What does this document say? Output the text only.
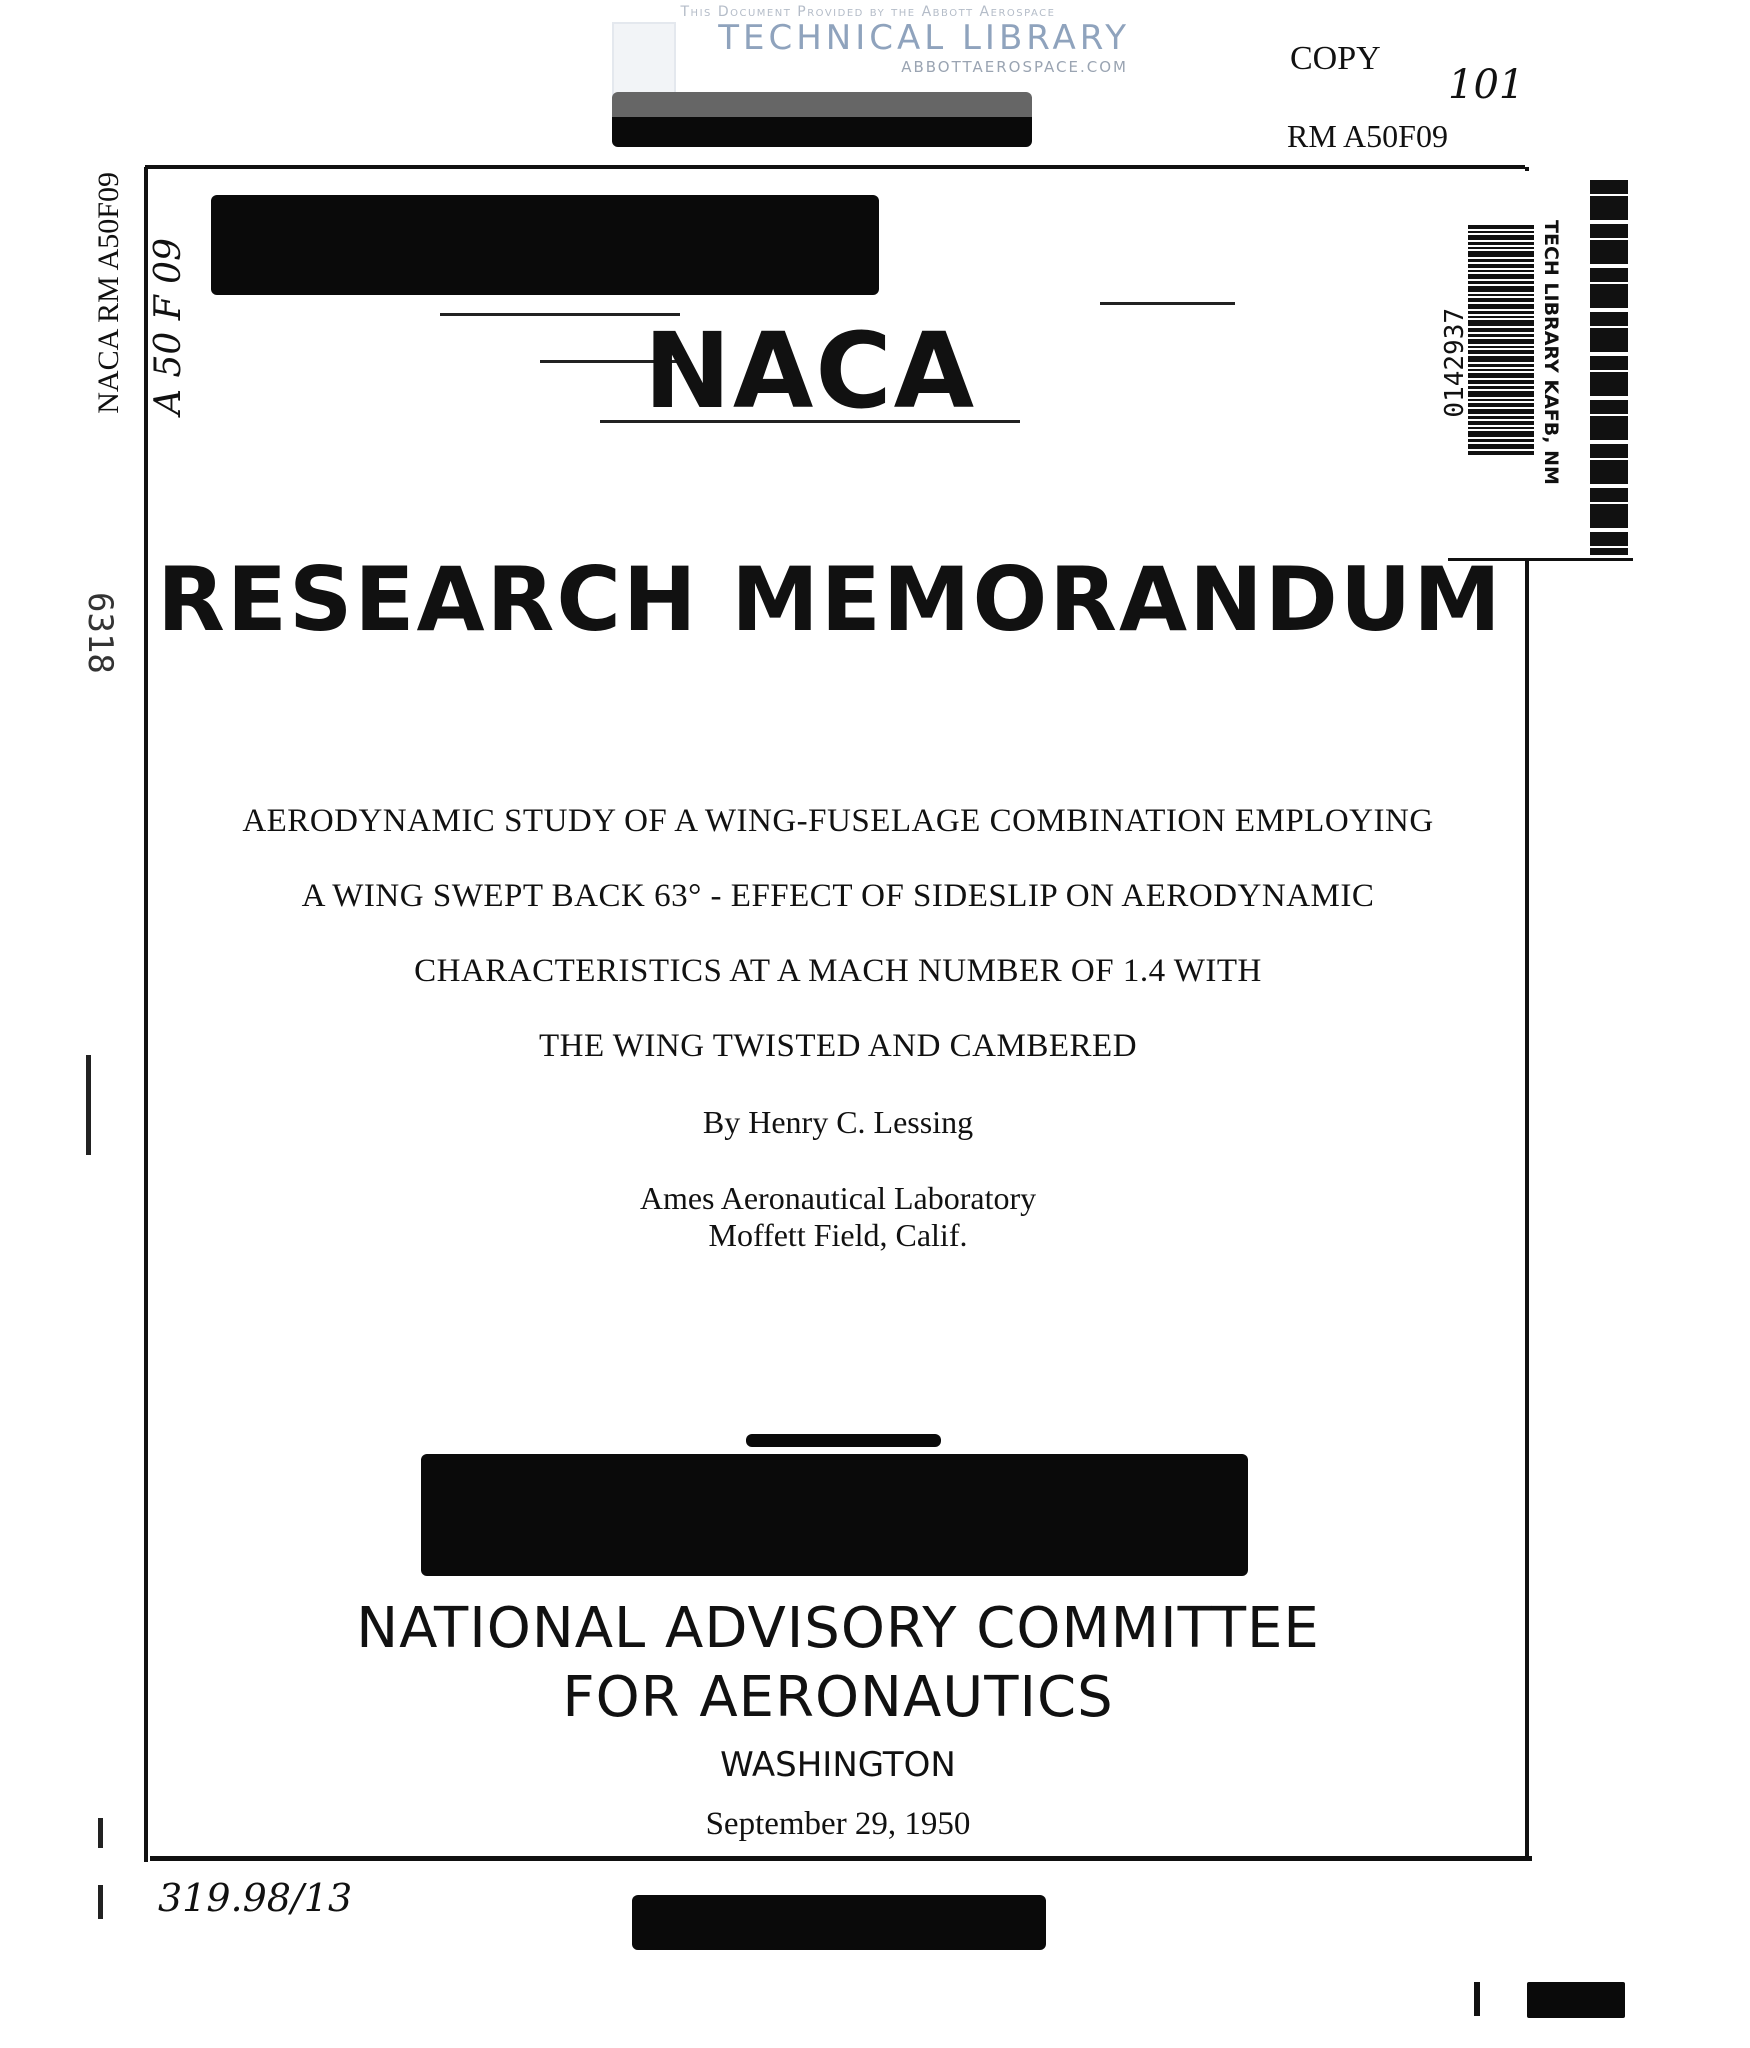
This Document Provided by the Abbott Aerospace
TECHNICAL LIBRARY
ABBOTTAEROSPACE.COM	COPY
101
RM A50F09
TECH LIBRARY KAFB, NM
0142937
NACA RM A50F09 A 50 F 09
6318
NACA
RESEARCH MEMORANDUM
AERODYNAMIC STUDY OF A WING-FUSELAGE COMBINATION EMPLOYING
A WING SWEPT BACK 63° - EFFECT OF SIDESLIP ON AERODYNAMIC
CHARACTERISTICS AT A MACH NUMBER OF 1.4 WITH
THE WING TWISTED AND CAMBERED
By Henry C. Lessing
Ames Aeronautical Laboratory
Moffett Field, Calif.
NATIONAL ADVISORY COMMITTEE
FOR AERONAUTICS
WASHINGTON
September 29, 1950
319.98/13
